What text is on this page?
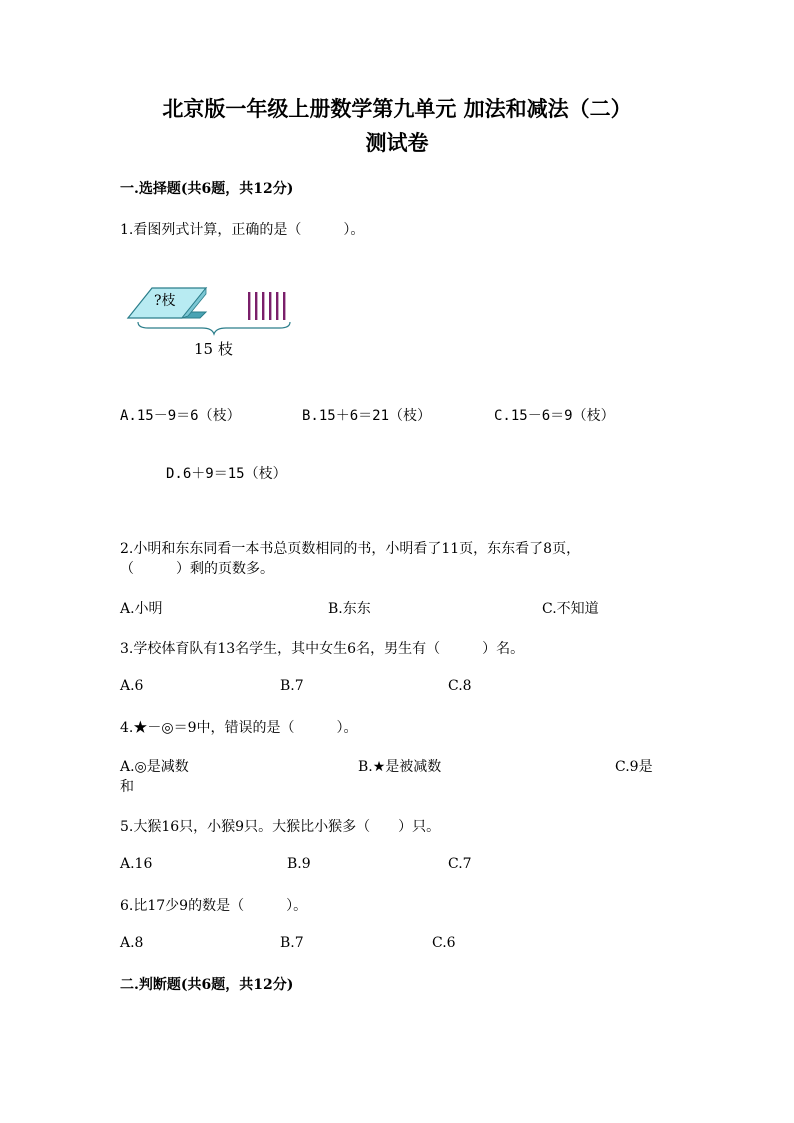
北京版一年级上册数学第九单元 加法和减法（二）
测试卷
一.选择题(共6题，共12分)
1.看图列式计算，正确的是（　　　）。
?枝
15 枝
A.15－9＝6（枝）	B.15＋6＝21（枝）	C.15－6＝9（枝）
D.6＋9＝15（枝）
2.小明和东东同看一本书总页数相同的书，小明看了11页，东东看了8页，
（　　　）剩的页数多。
A.小明	B.东东	C.不知道
3.学校体育队有13名学生，其中女生6名，男生有（　　　）名。
A.6	B.7	C.8
4.★－◎＝9中，错误的是（　　　）。
A.◎是减数	B.★是被减数	C.9是
和
5.大猴16只，小猴9只。大猴比小猴多（　　）只。
A.16	B.9	C.7
6.比17少9的数是（　　　）。
A.8	B.7	C.6
二.判断题(共6题，共12分)
